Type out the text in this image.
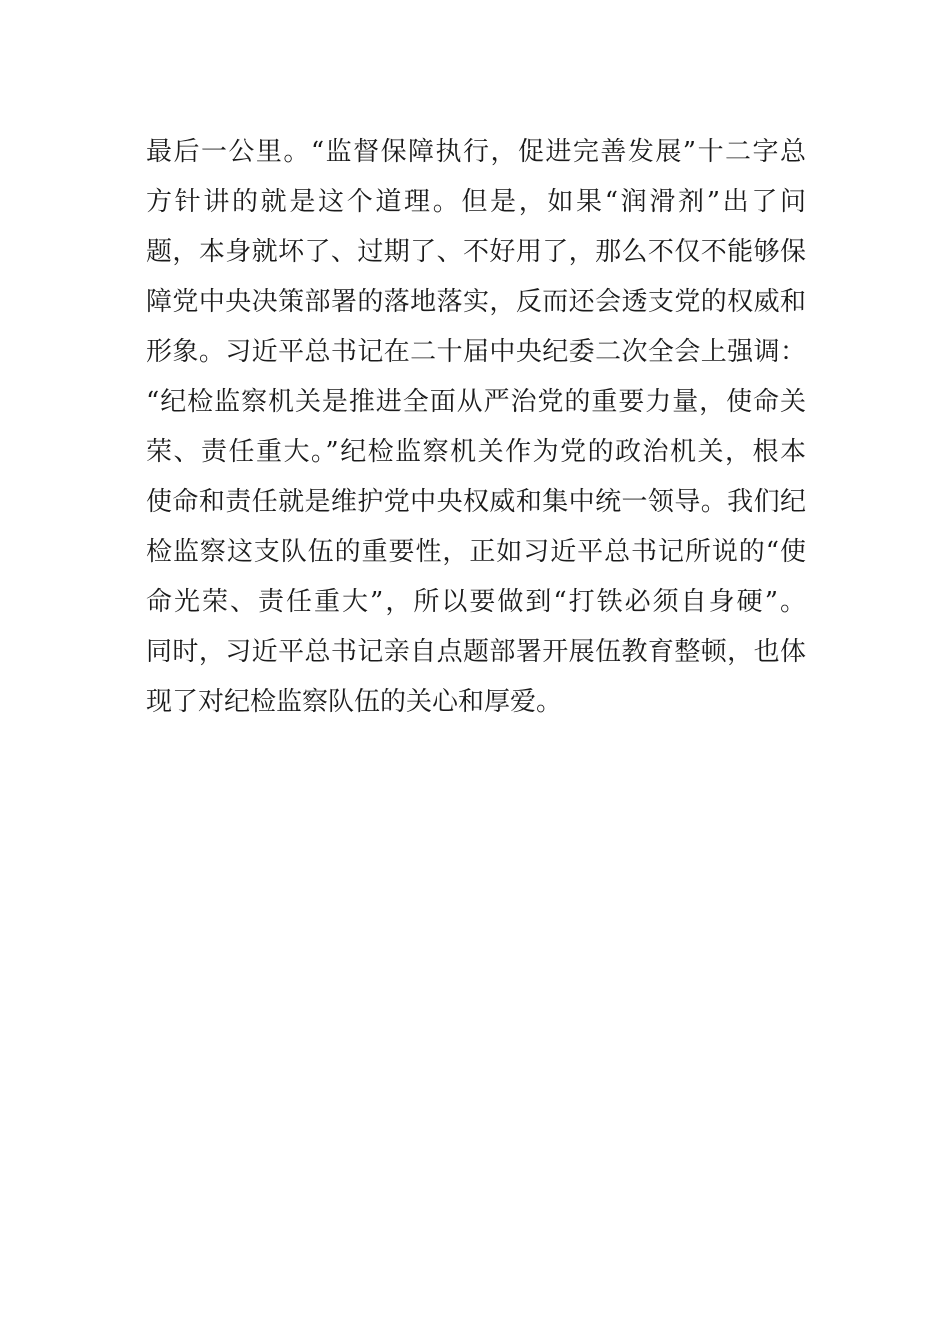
最后一公里。“监督保障执行，促进完善发展”十二字总
方针讲的就是这个道理。但是，如果“润滑剂”出了问
题，本身就坏了、过期了、不好用了，那么不仅不能够保
障党中央决策部署的落地落实，反而还会透支党的权威和
形象。习近平总书记在二十届中央纪委二次全会上强调：
“纪检监察机关是推进全面从严治党的重要力量，使命关
荣、责任重大。”纪检监察机关作为党的政治机关，根本
使命和责任就是维护党中央权威和集中统一领导。我们纪
检监察这支队伍的重要性，正如习近平总书记所说的“使
命光荣、责任重大”，所以要做到“打铁必须自身硬”。
同时，习近平总书记亲自点题部署开展伍教育整顿，也体
现了对纪检监察队伍的关心和厚爱。
